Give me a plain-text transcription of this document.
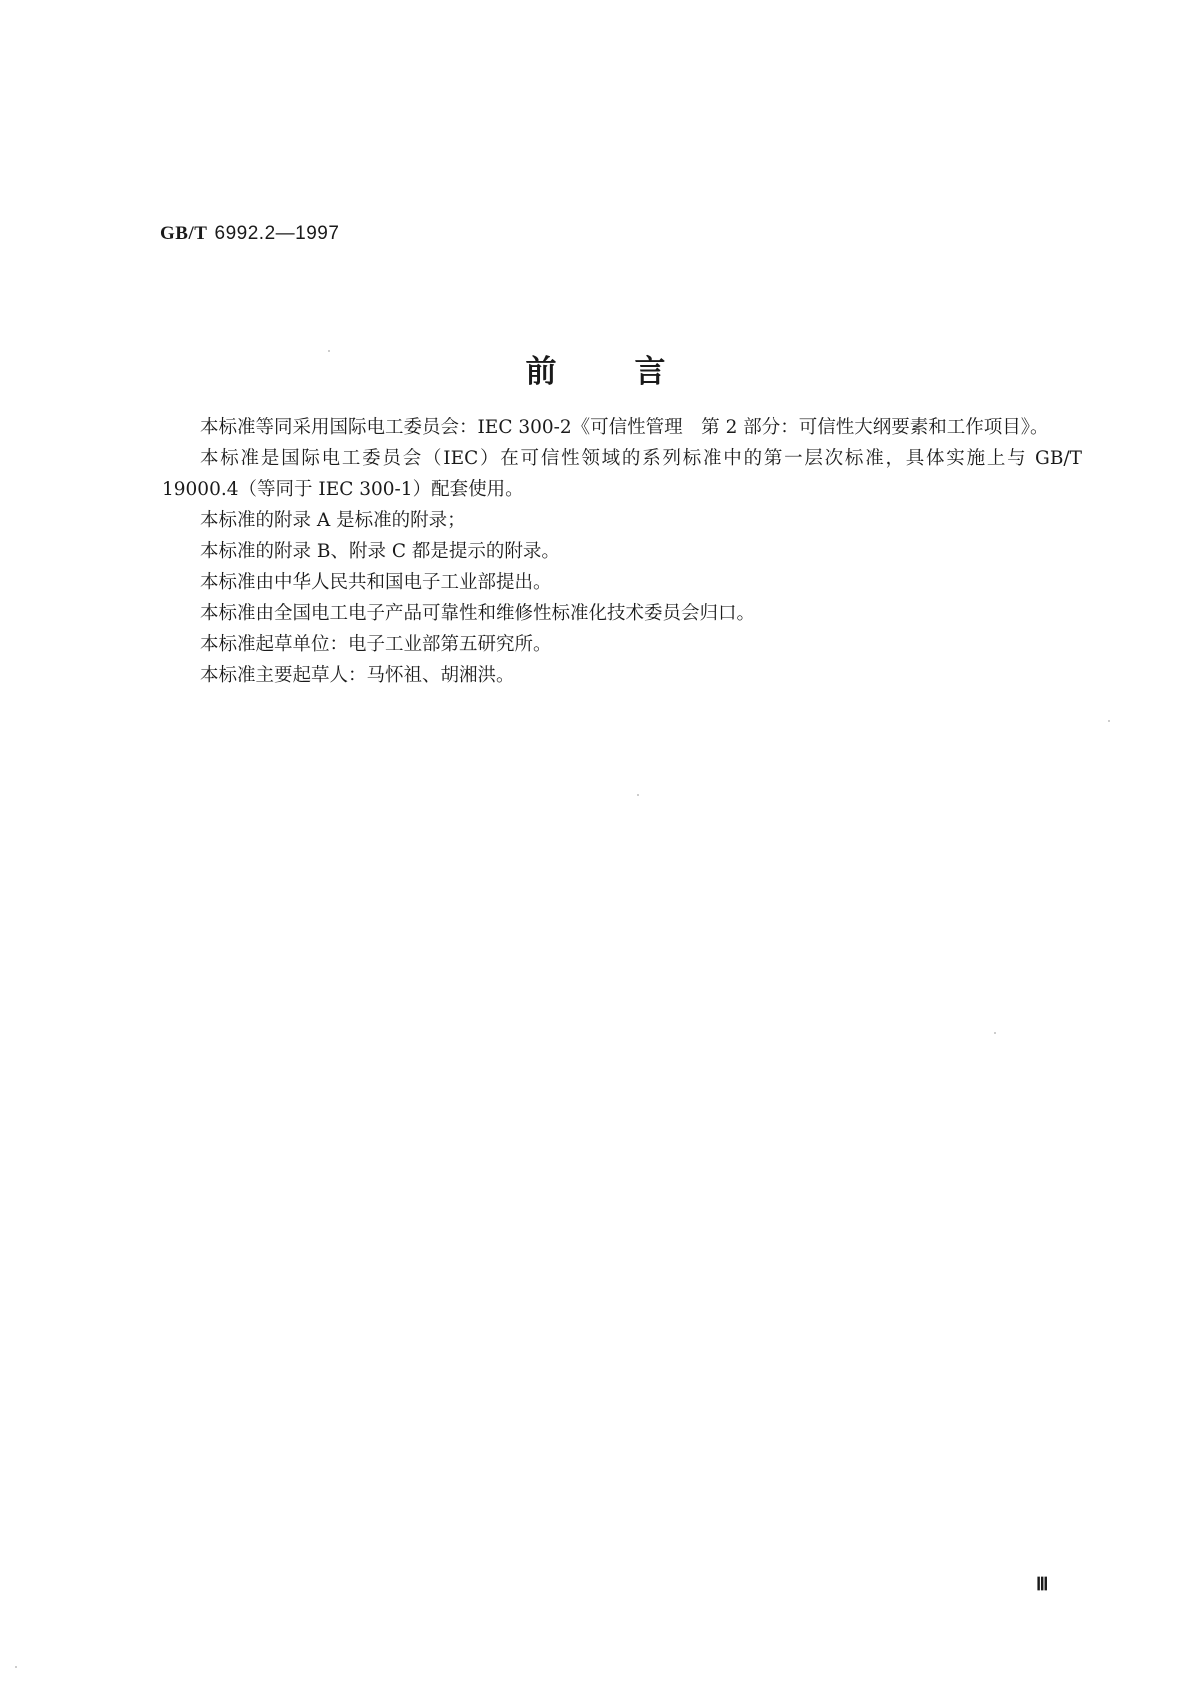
GB/T 6992.2—1997
前言

本标准等同采用国际电工委员会：IEC 300-2《可信性管理　第 2 部分：可信性大纲要素和工作项目》。

本标准是国际电工委员会（IEC）在可信性领域的系列标准中的第一层次标准，具体实施上与 GB/T 19000.4（等同于 IEC 300-1）配套使用。

本标准的附录 A 是标准的附录；

本标准的附录 B、附录 C 都是提示的附录。

本标准由中华人民共和国电子工业部提出。

本标准由全国电工电子产品可靠性和维修性标准化技术委员会归口。

本标准起草单位：电子工业部第五研究所。

本标准主要起草人：马怀祖、胡湘洪。

Ⅲ
